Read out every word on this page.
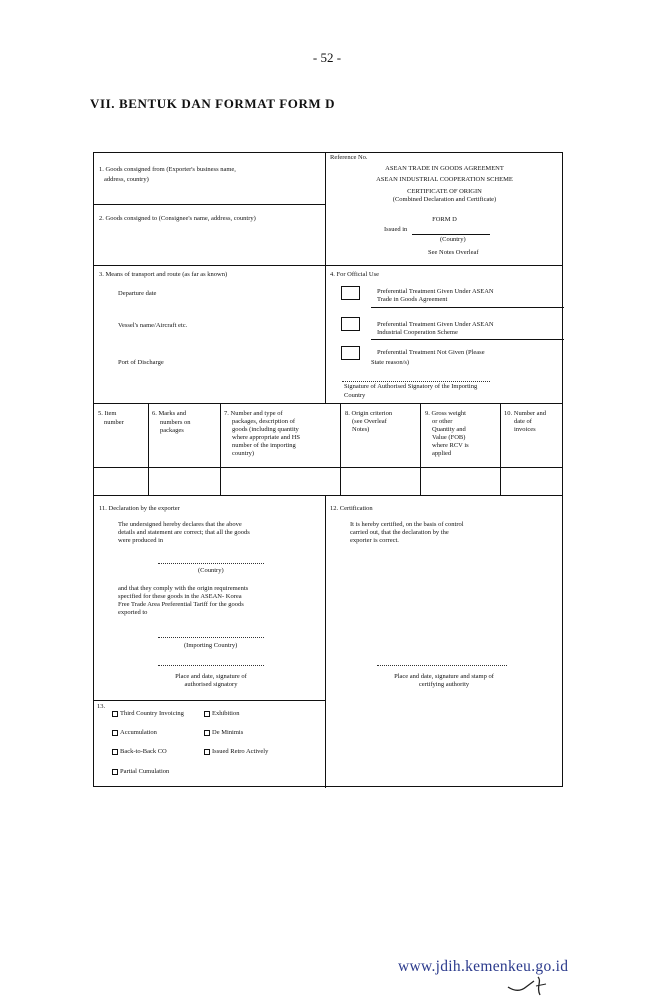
- 52 -
VII. BENTUK DAN FORMAT FORM D
1. Goods consigned from (Exporter's business name,
address, country)
Reference No.
ASEAN TRADE IN GOODS AGREEMENT
ASEAN INDUSTRIAL COOPERATION SCHEME
CERTIFICATE OF ORIGIN
(Combined Declaration and Certificate)
FORM D
Issued in
(Country)
See Notes Overleaf
2. Goods consigned to (Consignee's name, address, country)
3. Means of transport and route (as far as known)
Departure date
Vessel's name/Aircraft etc.
Port of Discharge
4. For Official Use
Preferential Treatment Given Under ASEAN
Trade in Goods Agreement
Preferential Treatment Given Under ASEAN
Industrial Cooperation Scheme
Preferential Treatment Not Given (Please
State reason/s)
Signature of Authorised Signatory of the Importing
Country
5. Item
number
6. Marks and
numbers on
packages
7. Number and type of
packages, description of
goods (including quantity
where appropriate and HS
number of the importing
country)
8. Origin criterion
(see Overleaf
Notes)
9. Gross weight
or other
Quantity and
Value (FOB)
where RCV is
applied
10. Number and
date of
invoices
11. Declaration by the exporter
The undersigned hereby declares that the above
details and statement are correct; that all the goods
were produced in
(Country)
and that they comply with the origin requirements
specified for these goods in the ASEAN- Korea
Free Trade Area Preferential Tariff for the goods
exported to
(Importing Country)
Place and date, signature of
authorised signatory
12. Certification
It is hereby certified, on the basis of control
carried out, that the declaration by the
exporter is correct.
Place and date, signature and stamp of
certifying authority
13.
Third Country Invoicing	Exhibition
Accumulation	De Minimis
Back-to-Back CO	Issued Retro Actively
Partial Cumulation
www.jdih.kemenkeu.go.id
